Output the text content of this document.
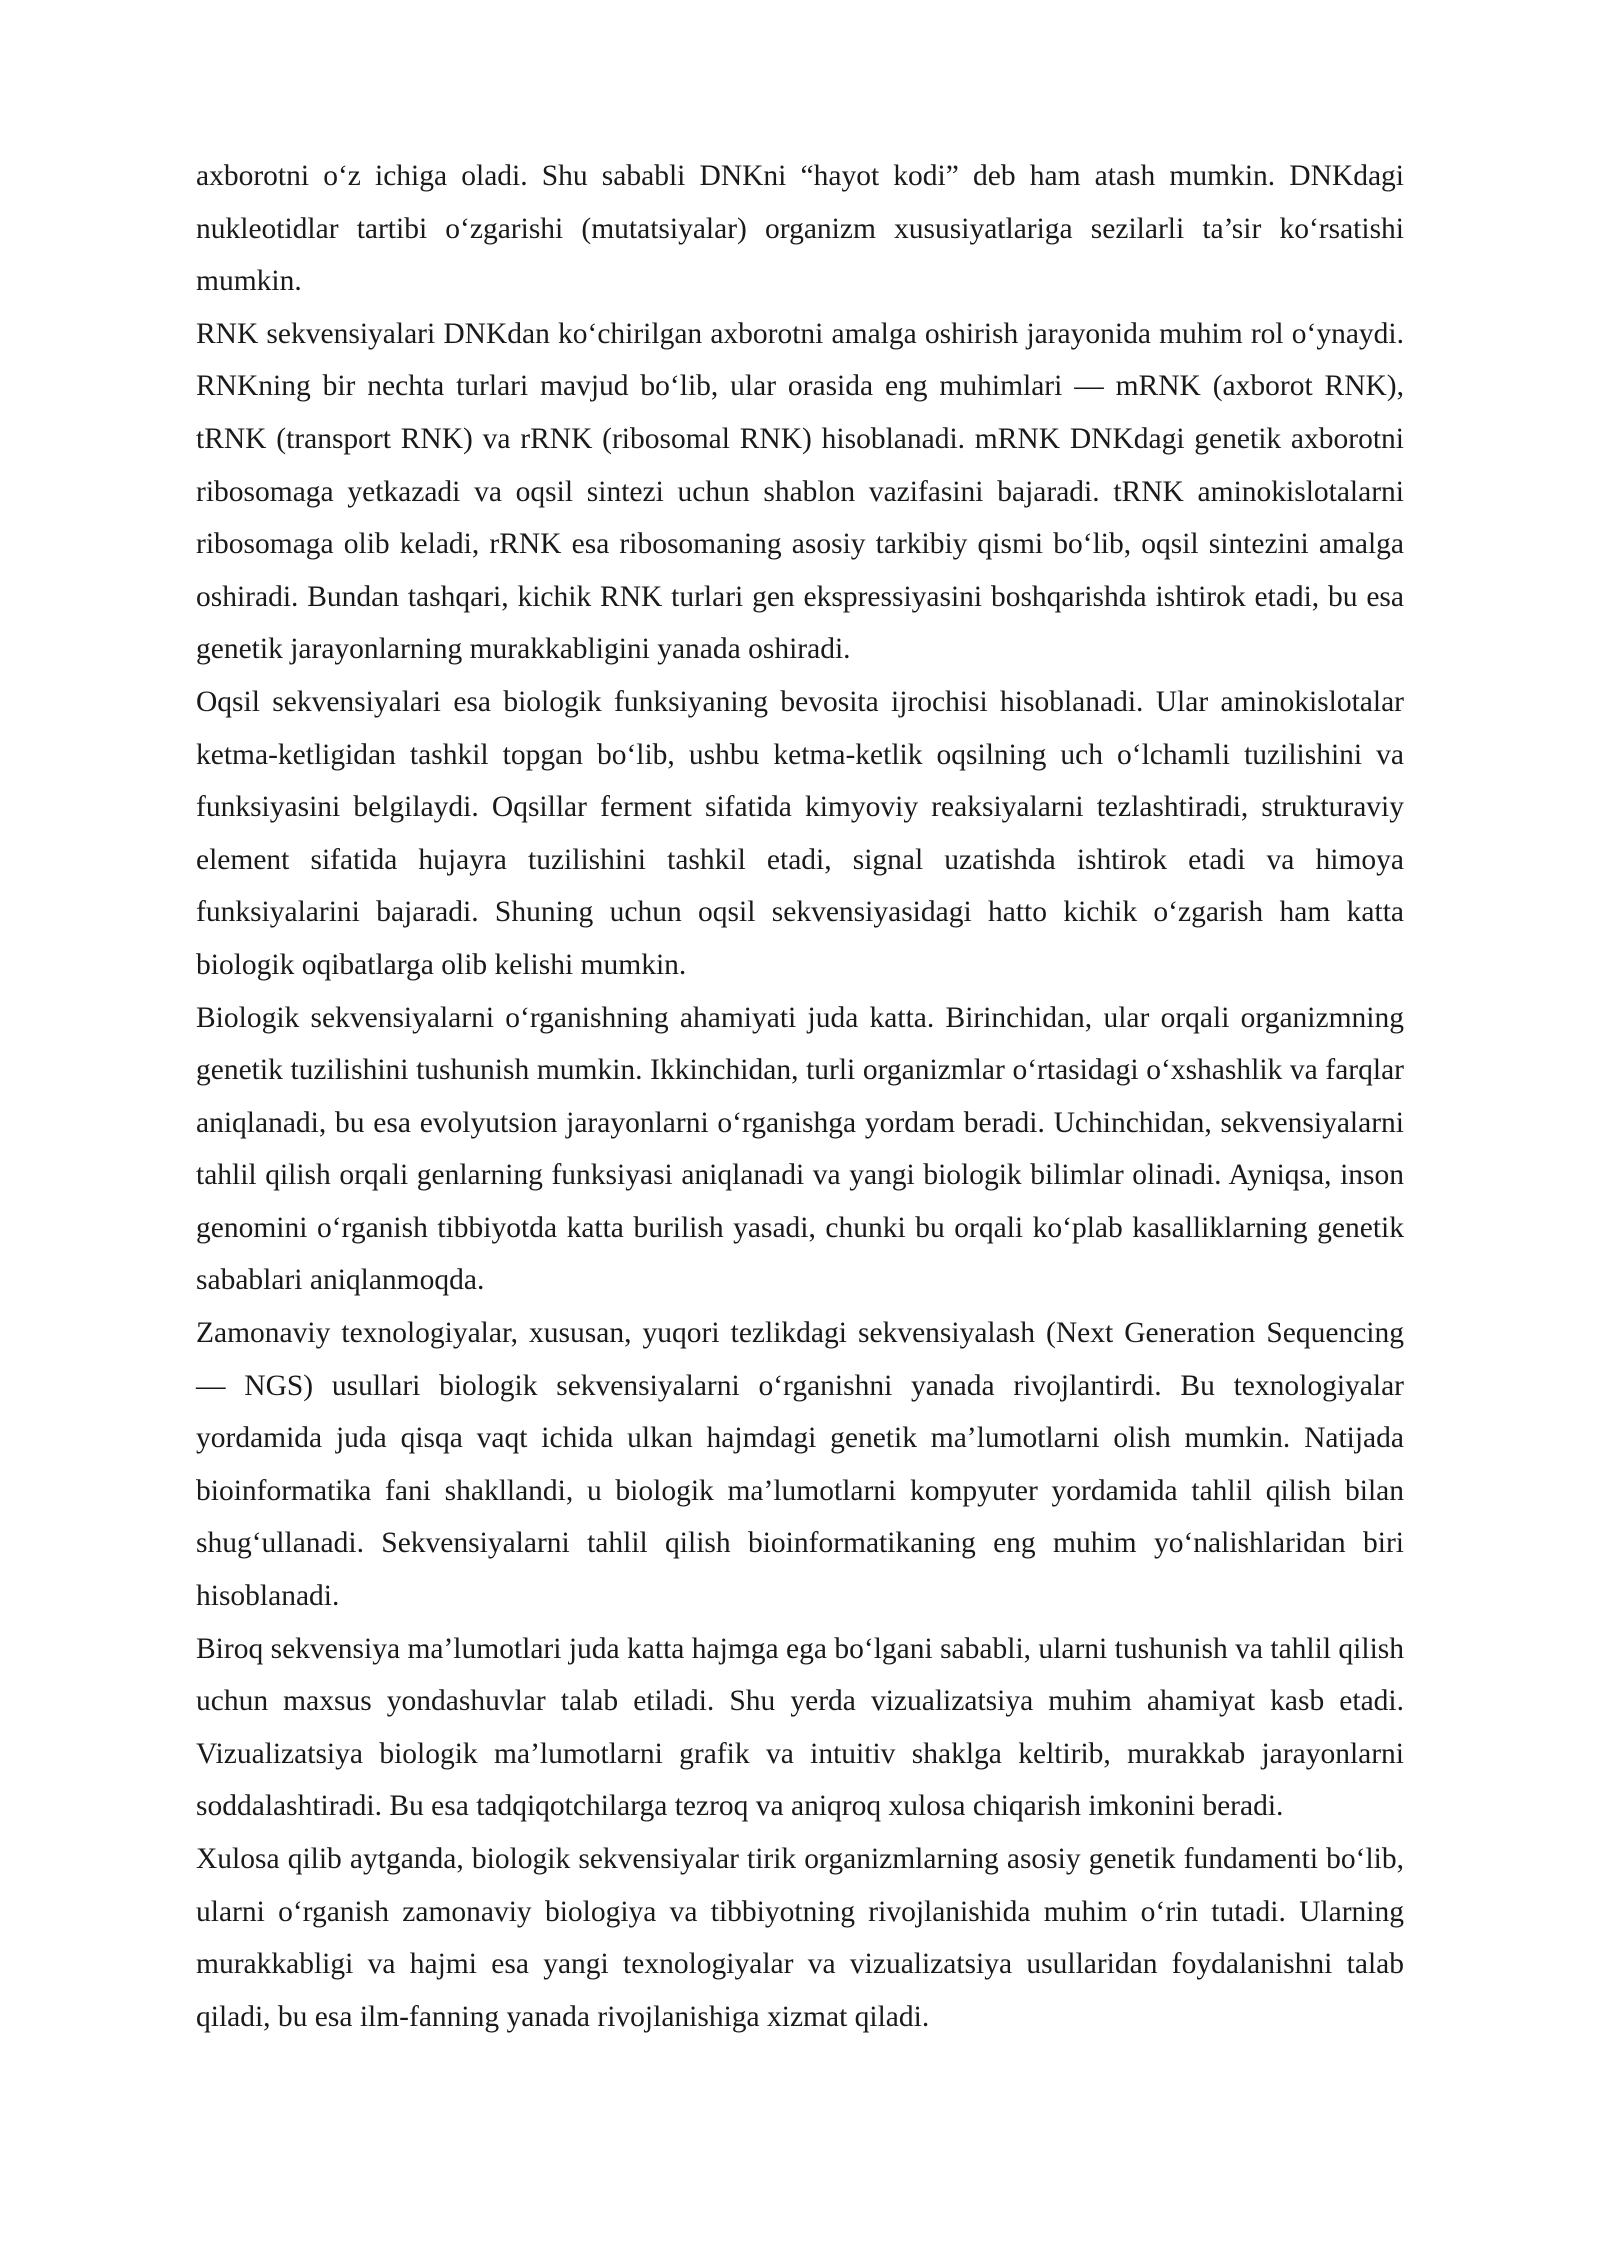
axborotni o‘z ichiga oladi. Shu sababli DNKni “hayot kodi” deb ham atash mumkin. DNKdagi nukleotidlar tartibi o‘zgarishi (mutatsiyalar) organizm xususiyatlariga sezilarli ta’sir ko‘rsatishi mumkin.

RNK sekvensiyalari DNKdan ko‘chirilgan axborotni amalga oshirish jarayonida muhim rol o‘ynaydi. RNKning bir nechta turlari mavjud bo‘lib, ular orasida eng muhimlari — mRNK (axborot RNK), tRNK (transport RNK) va rRNK (ribosomal RNK) hisoblanadi. mRNK DNKdagi genetik axborotni ribosomaga yetkazadi va oqsil sintezi uchun shablon vazifasini bajaradi. tRNK aminokislotalarni ribosomaga olib keladi, rRNK esa ribosomaning asosiy tarkibiy qismi bo‘lib, oqsil sintezini amalga oshiradi. Bundan tashqari, kichik RNK turlari gen ekspressiyasini boshqarishda ishtirok etadi, bu esa genetik jarayonlarning murakkabligini yanada oshiradi.

Oqsil sekvensiyalari esa biologik funksiyaning bevosita ijrochisi hisoblanadi. Ular aminokislotalar ketma-ketligidan tashkil topgan bo‘lib, ushbu ketma-ketlik oqsilning uch o‘lchamli tuzilishini va funksiyasini belgilaydi. Oqsillar ferment sifatida kimyoviy reaksiyalarni tezlashtiradi, strukturaviy element sifatida hujayra tuzilishini tashkil etadi, signal uzatishda ishtirok etadi va himoya funksiyalarini bajaradi. Shuning uchun oqsil sekvensiyasidagi hatto kichik o‘zgarish ham katta biologik oqibatlarga olib kelishi mumkin.

Biologik sekvensiyalarni o‘rganishning ahamiyati juda katta. Birinchidan, ular orqali organizmning genetik tuzilishini tushunish mumkin. Ikkinchidan, turli organizmlar o‘rtasidagi o‘xshashlik va farqlar aniqlanadi, bu esa evolyutsion jarayonlarni o‘rganishga yordam beradi. Uchinchidan, sekvensiyalarni tahlil qilish orqali genlarning funksiyasi aniqlanadi va yangi biologik bilimlar olinadi. Ayniqsa, inson genomini o‘rganish tibbiyotda katta burilish yasadi, chunki bu orqali ko‘plab kasalliklarning genetik sabablari aniqlanmoqda.

Zamonaviy texnologiyalar, xususan, yuqori tezlikdagi sekvensiyalash (Next Generation Sequencing — NGS) usullari biologik sekvensiyalarni o‘rganishni yanada rivojlantirdi. Bu texnologiyalar yordamida juda qisqa vaqt ichida ulkan hajmdagi genetik ma’lumotlarni olish mumkin. Natijada bioinformatika fani shakllandi, u biologik ma’lumotlarni kompyuter yordamida tahlil qilish bilan shug‘ullanadi. Sekvensiyalarni tahlil qilish bioinformatikaning eng muhim yo‘nalishlaridan biri hisoblanadi.

Biroq sekvensiya ma’lumotlari juda katta hajmga ega bo‘lgani sababli, ularni tushunish va tahlil qilish uchun maxsus yondashuvlar talab etiladi. Shu yerda vizualizatsiya muhim ahamiyat kasb etadi. Vizualizatsiya biologik ma’lumotlarni grafik va intuitiv shaklga keltirib, murakkab jarayonlarni soddalashtiradi. Bu esa tadqiqotchilarga tezroq va aniqroq xulosa chiqarish imkonini beradi.

Xulosa qilib aytganda, biologik sekvensiyalar tirik organizmlarning asosiy genetik fundamenti bo‘lib, ularni o‘rganish zamonaviy biologiya va tibbiyotning rivojlanishida muhim o‘rin tutadi. Ularning murakkabligi va hajmi esa yangi texnologiyalar va vizualizatsiya usullaridan foydalanishni talab qiladi, bu esa ilm-fanning yanada rivojlanishiga xizmat qiladi.
